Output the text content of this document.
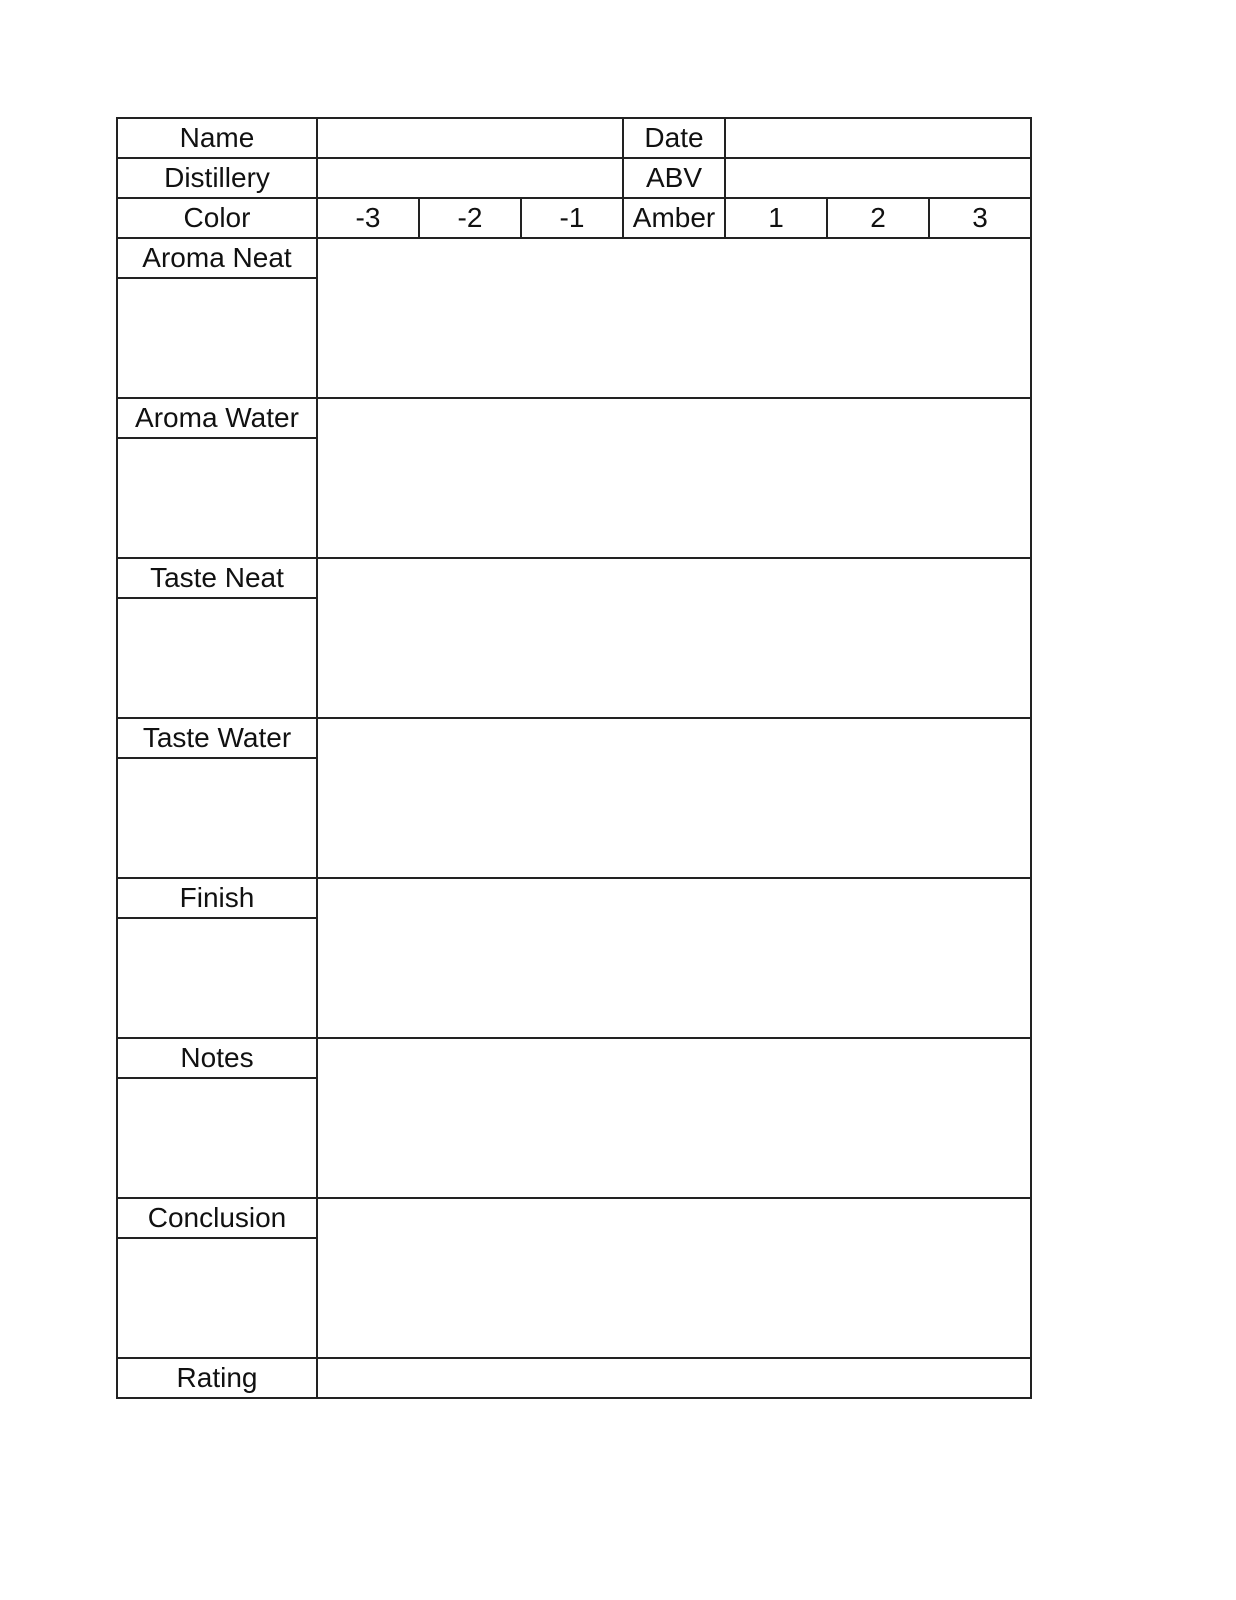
Name	Date
Distillery	ABV
Color	-3	-2	-1	Amber	1	2	3
Aroma Neat
Aroma Water
Taste Neat
Taste Water
Finish
Notes
Conclusion
Rating
